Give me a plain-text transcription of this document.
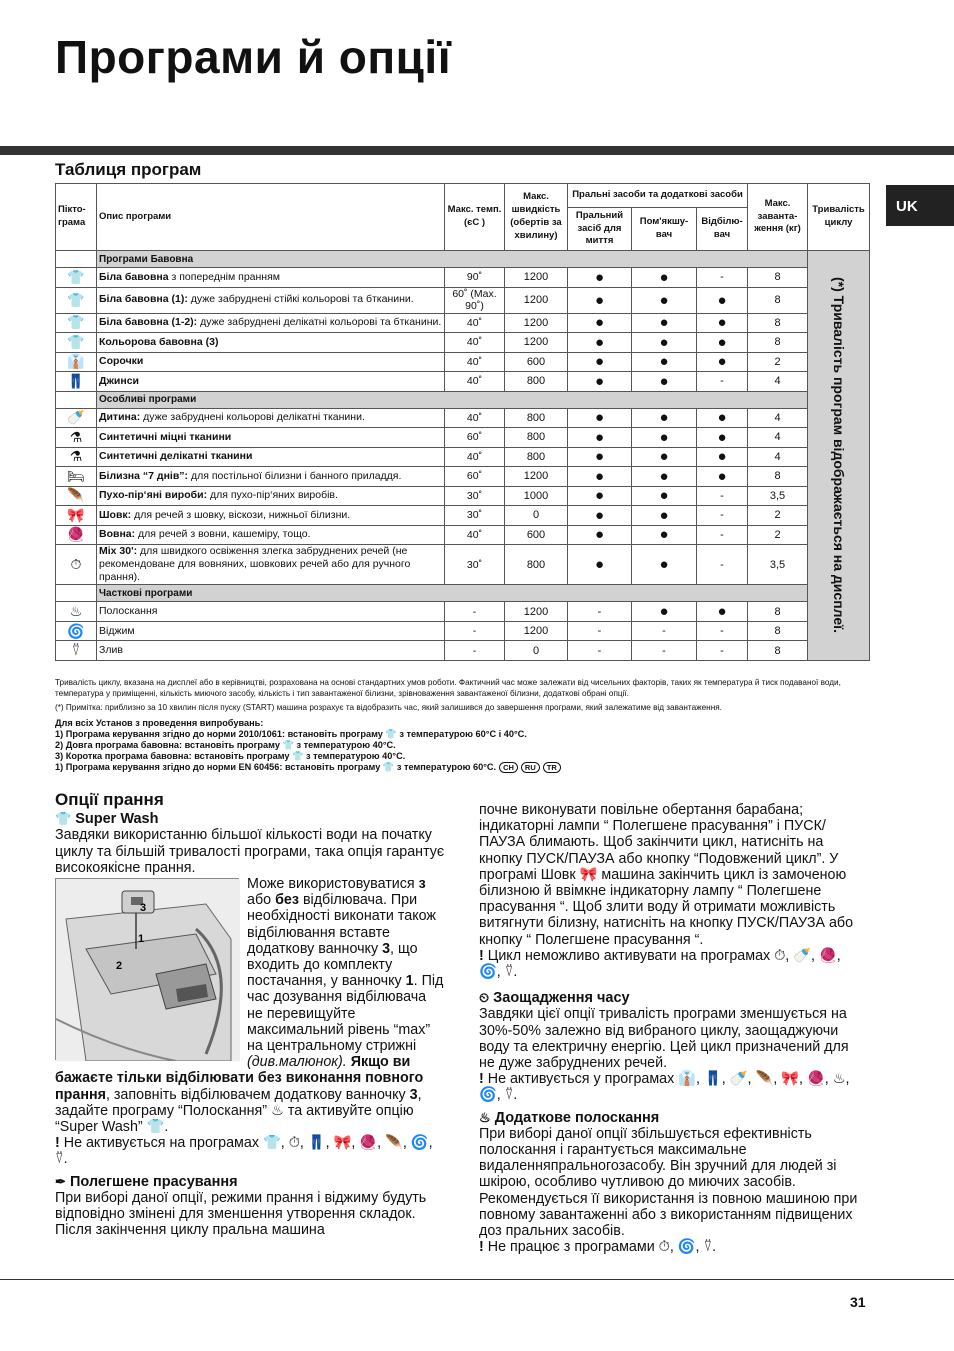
Програми й опції
UK
Таблиця програм
Пікто- грама	Опис програми	Макс. темп. (єС )	Макс. швидкість (обертів за хвилину)	Пральні засоби та додаткові засоби			Макс. заванта- ження (кг)	Тривалість циклу
				Пральний засіб для миття	Пом'якшу- вач	Відбілю- вач		
	Програми Бавовна							(*) Тривалість програм відображається на дисплеї.

👕	Біла бавовна з попереднім пранням	90˚	1200	●	●	-	8	
👕	Біла бавовна (1): дуже забруднені стійкі кольорові та бтканини.	60˚ (Max. 90˚)	1200	●	●	●	8	
👕	Біла бавовна (1-2): дуже забруднені делікатні кольорові та бтканини.	40˚	1200	●	●	●	8	
👕	Кольорова бавовна (3)	40˚	1200	●	●	●	8	
👔	Сорочки	40˚	600	●	●	●	2	
👖	Джинси	40˚	800	●	●	-	4	
	Особливі програми							
🍼	Дитина: дуже забруднені кольорові делікатні тканини.	40˚	800	●	●	●	4	
⚗	Синтетичні міцні тканини	60˚	800	●	●	●	4	
⚗	Синтетичні делікатні тканини	40˚	800	●	●	●	4	
🛏	Білизна “7 днів”: для постільної білизни і банного приладдя.	60˚	1200	●	●	●	8	
🪶	Пухо-пір‘яні вироби: для пухо-пір‘яних виробів.	30˚	1000	●	●	-	3,5	
🎀	Шовк: для речей з шовку, віскози, нижньої білизни.	30˚	0	●	●	-	2	
🧶	Вовна: для речей з вовни, кашеміру, тощо.	40˚	600	●	●	-	2	
⏱	Mix 30': для швидкого освіження злегка забруднених речей (не рекомендоване для вовняних, шовкових речей або для ручного прання).	30˚	800	●	●	-	3,5	
	Часткові програми							
♨	Полоскання	-	1200	-	●	●	8	
🌀	Віджим	-	1200	-	-	-	8	
⍢	Злив	-	0	-	-	-	8	

Тривалість циклу, вказана на дисплеї або в керівництві, розрахована на основі стандартних умов роботи. Фактичний час може залежати від чисельних факторів, таких як температура й тиск подаваної води, температура у приміщенні, кількість миючого засобу, кількість і тип завантаженої білизни, зрівноваження завантаженої білизни, додаткові обрані опції.

(*) Примітка: приблизно за 10 хвилин після пуску (START) машина розрахує та відобразить час, який залишився до завершення програми, який залежатиме від завантаження.

Для всіх Установ з проведення випробувань:

1) Програма керування згідно до норми 2010/1061: встановіть програму 👕 з температурою 60°C і 40°C.

2) Довга програма бавовна: встановіть програму 👕 з температурою 40°C.

3) Коротка програма бавовна: встановіть програму 👕 з температурою 40°C.

1) Програма керування згідно до норми EN 60456: встановіть програму 👕 з температурою 60°C. CH RU TR

Опції прання
👕 Super Wash

Завдяки використанню більшої кількості води на початку циклу та більшій тривалості програми, така опція гарантує високоякісне прання.

3
1
2

Може використовуватися з або без відбілювача. При необхідності виконати також відбілювання вставте додаткову ванночку 3, що входить до комплекту постачання, у ванночку 1. Під час дозування відбілювача не перевищуйте максимальний рівень “max” на центральному стрижні (див.малюнок). Якщо ви бажаєте тільки відбілювати без виконання повного прання, заповніть відбілювачем додаткову ванночку 3, задайте програму “Полоскання” ♨ та активуйте опцію “Super Wash” 👕.

! Не активується на програмах 👕, ⏱, 👖, 🎀, 🧶, 🪶, 🌀, ⍢.

✒ Полегшене прасування

При виборі даної опції, режими прання і віджиму будуть відповідно змінені для зменшення утворення складок. Після закінчення циклу пральна машина

почне виконувати повільне обертання барабана; індикаторні лампи “ Полегшене прасування” і ПУСК/ПАУЗА блимають. Щоб закінчити цикл, натисніть на кнопку ПУСК/ПАУЗА або кнопку “Подовжений цикл”. У програмі Шовк 🎀 машина закінчить цикл із замоченою білизною й ввімкне індикаторну лампу “ Полегшене прасування “. Щоб злити воду й отримати можливість витягнути білизну, натисніть на кнопку ПУСК/ПАУЗА або кнопку “ Полегшене прасування “.

! Цикл неможливо активувати на програмах ⏱, 🍼, 🧶, 🌀, ⍢.

⏲ Заощадження часу

Завдяки цієї опції тривалість програми зменшується на 30%-50% залежно від вибраного циклу, заощаджуючи воду та електричну енергію. Цей цикл призначений для не дуже забруднених речей.

! Не активується у програмах 👔, 👖, 🍼, 🪶, 🎀, 🧶, ♨, 🌀, ⍢.

♨ Додаткове полоскання

При виборі даної опції збільшується ефективність полоскання і гарантується максимальне видаленняпральногозасобу. Він зручний для людей зі шкірою, особливо чутливою до миючих засобів. Рекомендується її використання із повною машиною при повному завантаженні або з використанням підвищених доз пральних засобів.

! Не працює з програмами ⏱, 🌀, ⍢.

31
